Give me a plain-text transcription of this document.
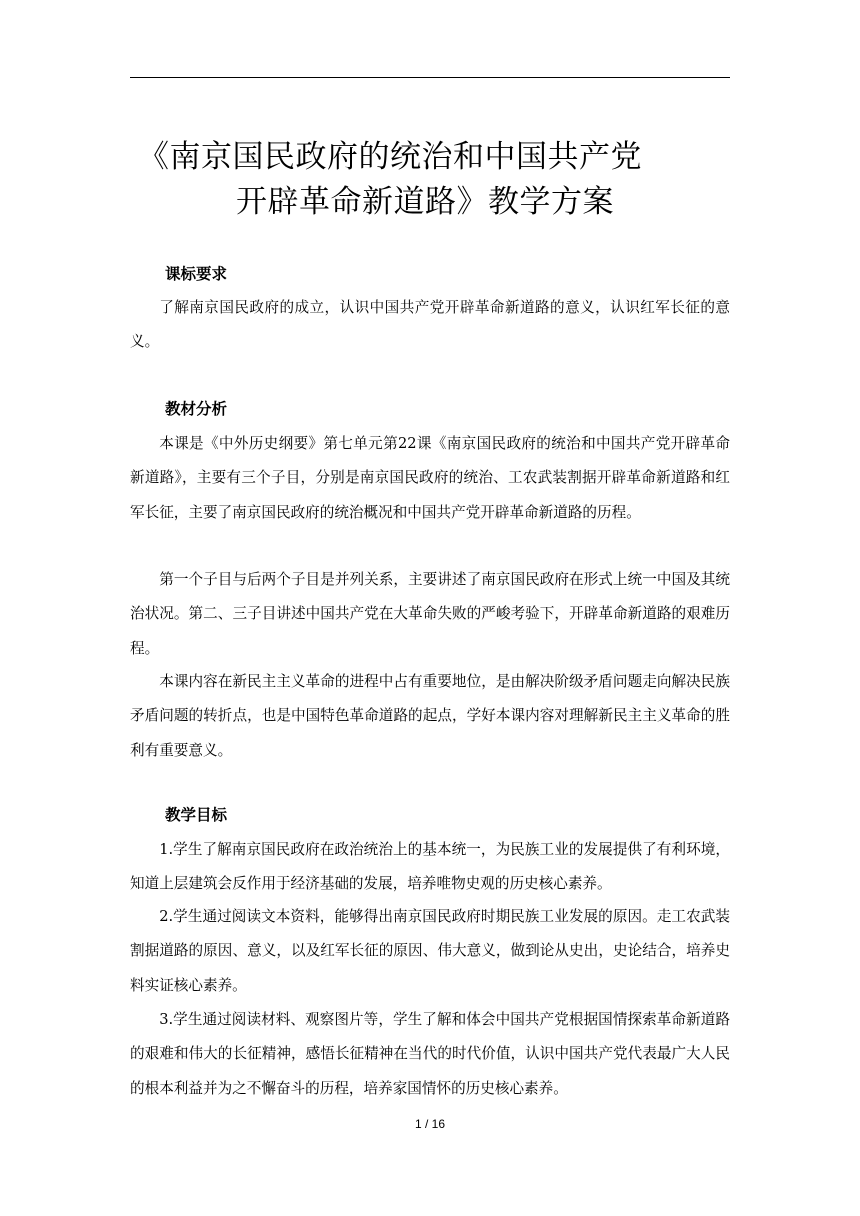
《南京国民政府的统治和中国共产党
开辟革命新道路》教学方案
课标要求
了解南京国民政府的成立，认识中国共产党开辟革命新道路的意义，认识红军长征的意义。
教材分析
本课是《中外历史纲要》第七单元第22课《南京国民政府的统治和中国共产党开辟革命新道路》，主要有三个子目，分别是南京国民政府的统治、工农武装割据开辟革命新道路和红军长征，主要了南京国民政府的统治概况和中国共产党开辟革命新道路的历程。
第一个子目与后两个子目是并列关系，主要讲述了南京国民政府在形式上统一中国及其统治状况。第二、三子目讲述中国共产党在大革命失败的严峻考验下，开辟革命新道路的艰难历程。
本课内容在新民主主义革命的进程中占有重要地位，是由解决阶级矛盾问题走向解决民族矛盾问题的转折点，也是中国特色革命道路的起点，学好本课内容对理解新民主主义革命的胜利有重要意义。
教学目标
1.学生了解南京国民政府在政治统治上的基本统一，为民族工业的发展提供了有利环境，知道上层建筑会反作用于经济基础的发展，培养唯物史观的历史核心素养。
2.学生通过阅读文本资料，能够得出南京国民政府时期民族工业发展的原因。走工农武装割据道路的原因、意义，以及红军长征的原因、伟大意义，做到论从史出，史论结合，培养史料实证核心素养。
3.学生通过阅读材料、观察图片等，学生了解和体会中国共产党根据国情探索革命新道路的艰难和伟大的长征精神，感悟长征精神在当代的时代价值，认识中国共产党代表最广大人民的根本利益并为之不懈奋斗的历程，培养家国情怀的历史核心素养。
1 / 16
